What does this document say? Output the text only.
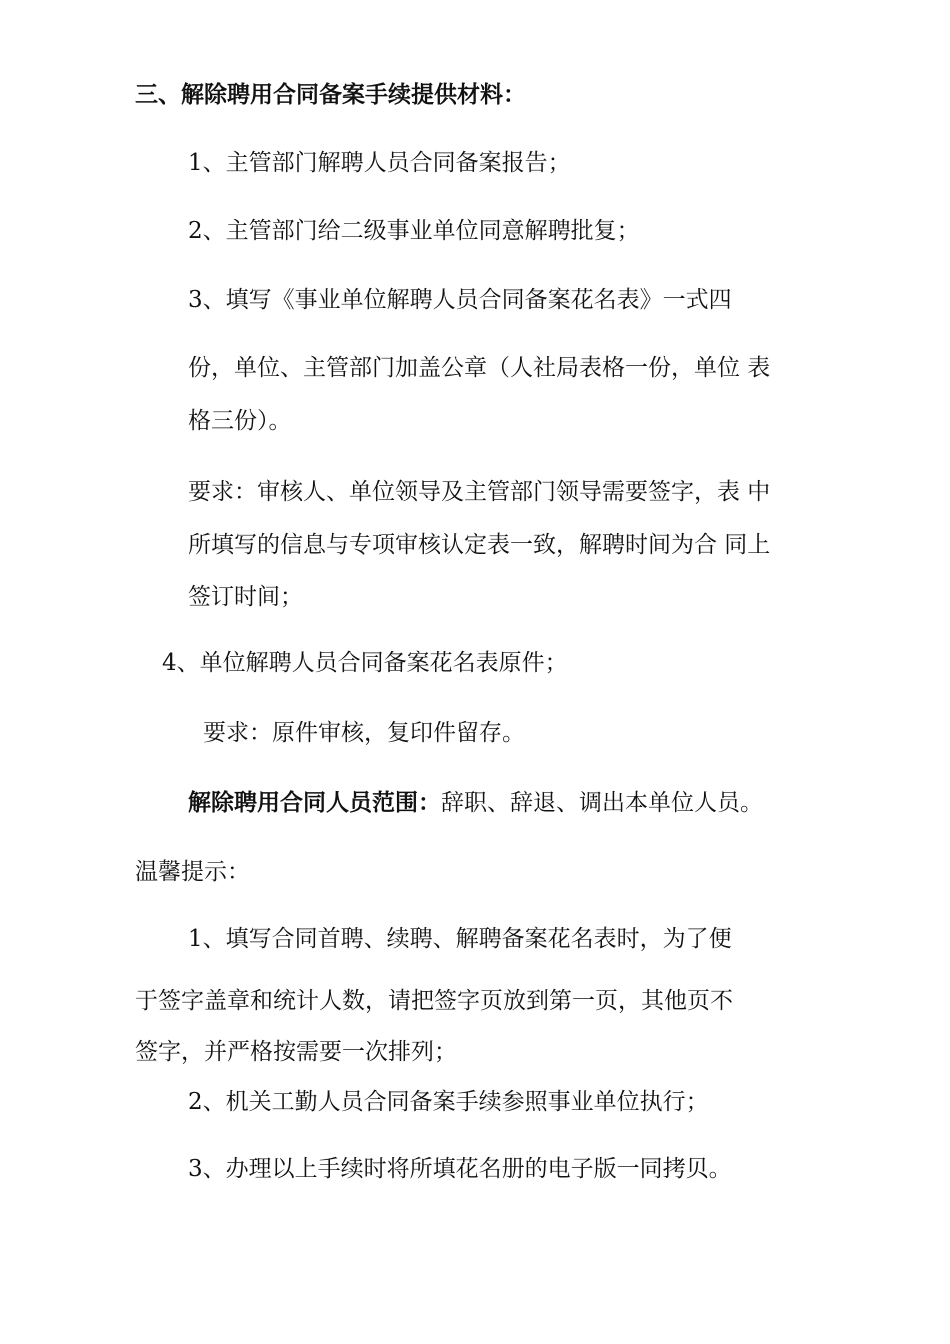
三、解除聘用合同备案手续提供材料：
1、主管部门解聘人员合同备案报告；
2、主管部门给二级事业单位同意解聘批复；
3、填写《事业单位解聘人员合同备案花名表》一式四
份，单位、主管部门加盖公章（人社局表格一份，单位 表
格三份）。
要求：审核人、单位领导及主管部门领导需要签字，表 中
所填写的信息与专项审核认定表一致，解聘时间为合 同上
签订时间；
4、单位解聘人员合同备案花名表原件；
要求：原件审核，复印件留存。
解除聘用合同人员范围：辞职、辞退、调出本单位人员。
温馨提示：
1、填写合同首聘、续聘、解聘备案花名表时，为了便
于签字盖章和统计人数，请把签字页放到第一页，其他页不
签字，并严格按需要一次排列；
2、机关工勤人员合同备案手续参照事业单位执行；
3、办理以上手续时将所填花名册的电子版一同拷贝。
